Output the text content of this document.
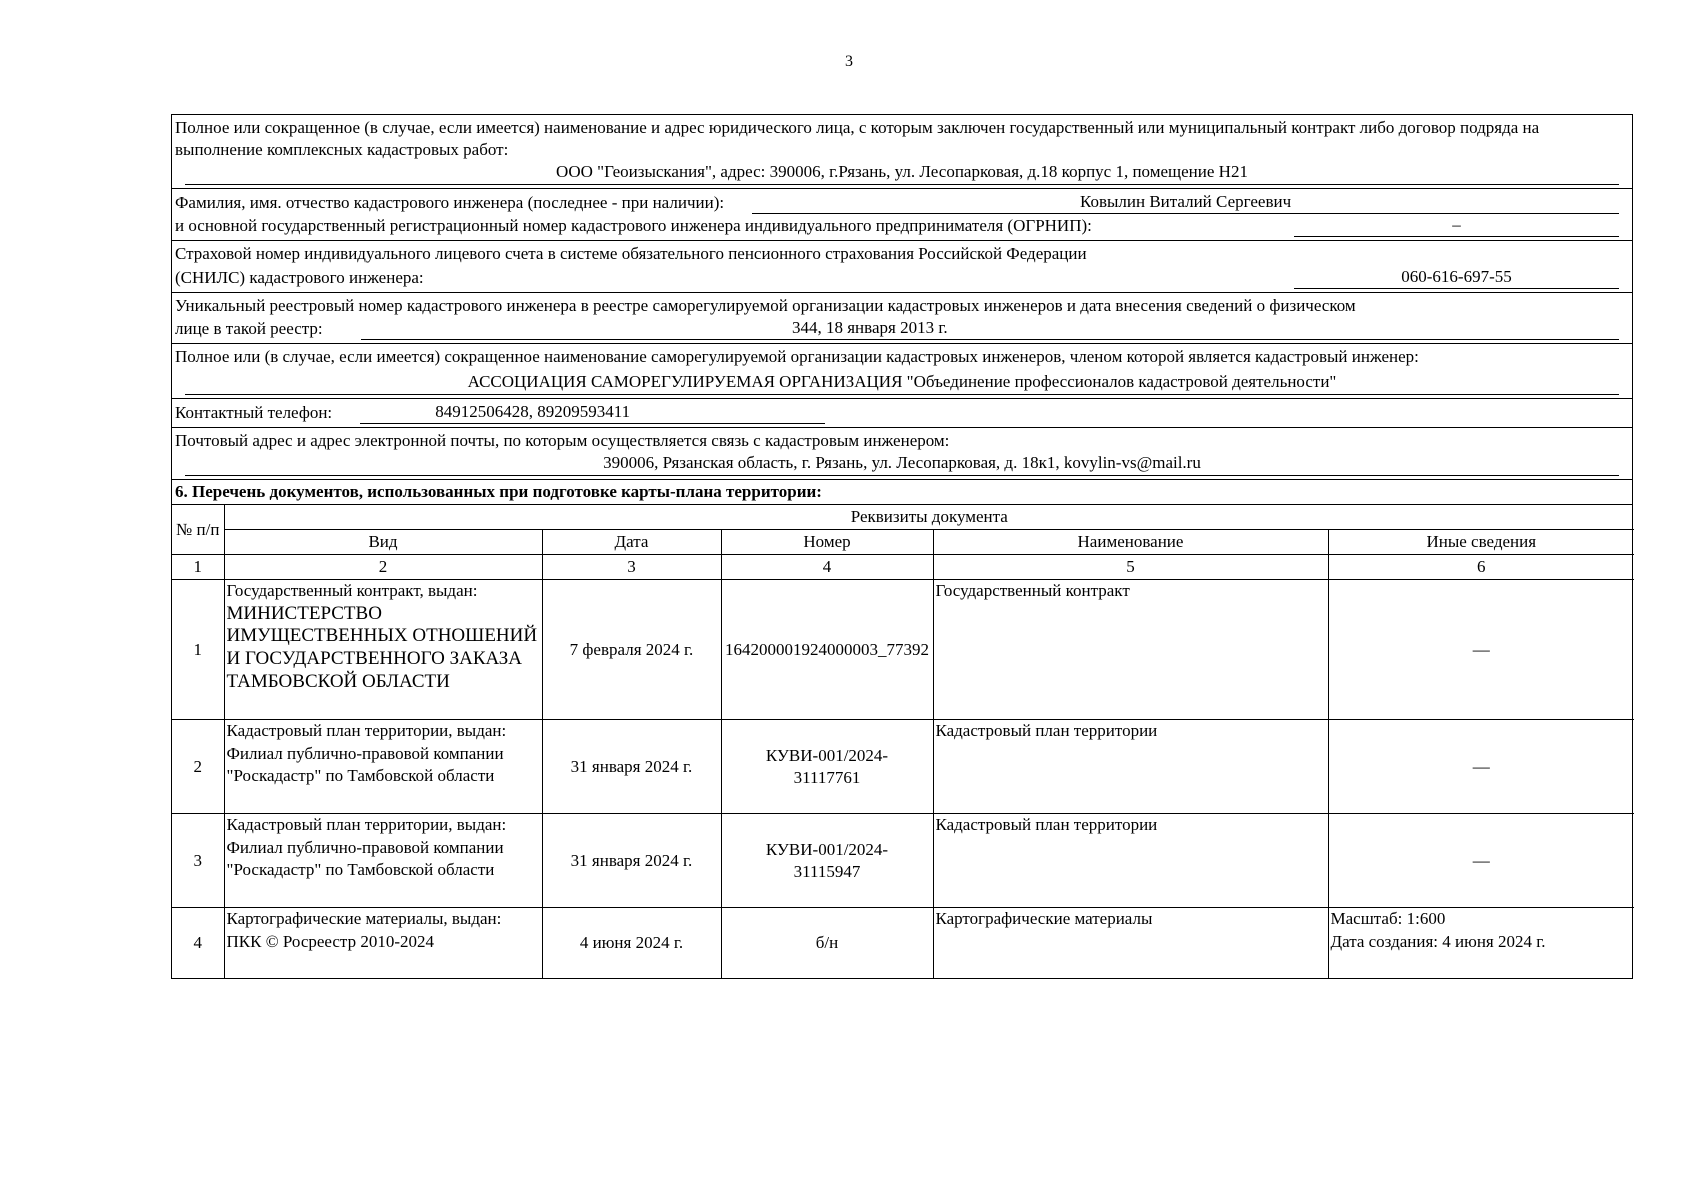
3
Полное или сокращенное (в случае, если имеется) наименование и адрес юридического лица, с которым заключен государственный или муниципальный контракт либо договор подряда на выполнение комплексных кадастровых работ:
ООО "Геоизыскания", адрес: 390006, г.Рязань, ул. Лесопарковая, д.18 корпус 1, помещение Н21
Фамилия, имя. отчество кадастрового инженера (последнее - при наличии):	Ковылин Виталий Сергеевич
и основной государственный регистрационный номер кадастрового инженера индивидуального предпринимателя (ОГРНИП):	–
Страховой номер индивидуального лицевого счета в системе обязательного пенсионного страхования Российской Федерации
(СНИЛС) кадастрового инженера:	060-616-697-55
Уникальный реестровый номер кадастрового инженера в реестре саморегулируемой организации кадастровых инженеров и дата внесения сведений о физическом
лице в такой реестр:	344, 18 января 2013 г.
Полное или (в случае, если имеется) сокращенное наименование саморегулируемой организации кадастровых инженеров, членом которой является кадастровый инженер:
АССОЦИАЦИЯ САМОРЕГУЛИРУЕМАЯ ОРГАНИЗАЦИЯ "Объединение профессионалов кадастровой деятельности"
Контактный телефон:	84912506428, 89209593411
Почтовый адрес и адрес электронной почты, по которым осуществляется связь с кадастровым инженером:
390006, Рязанская область, г. Рязань, ул. Лесопарковая, д. 18к1, kovylin-vs@mail.ru
6. Перечень документов, использованных при подготовке карты-плана территории:
№ п/п	Реквизиты документа				
	Вид	Дата	Номер	Наименование	Иные сведения
1	2	3	4	5	6
1	Государственный контракт, выдан:
МИНИСТЕРСТВО ИМУЩЕСТВЕННЫХ ОТНОШЕНИЙ И ГОСУДАРСТВЕННОГО ЗАКАЗА ТАМБОВСКОЙ ОБЛАСТИ	7 февраля 2024 г.	164200001924000003_77392	Государственный контракт	—
2	Кадастровый план территории, выдан: Филиал публично-правовой компании "Роскадастр" по Тамбовской области	31 января 2024 г.	КУВИ-001/2024-31117761	Кадастровый план территории	—
3	Кадастровый план территории, выдан: Филиал публично-правовой компании "Роскадастр" по Тамбовской области	31 января 2024 г.	КУВИ-001/2024-31115947	Кадастровый план территории	—
4	Картографические материалы, выдан: ПКК © Росреестр 2010-2024	4 июня 2024 г.	б/н	Картографические материалы	Масштаб: 1:600
Дата создания: 4 июня 2024 г.
